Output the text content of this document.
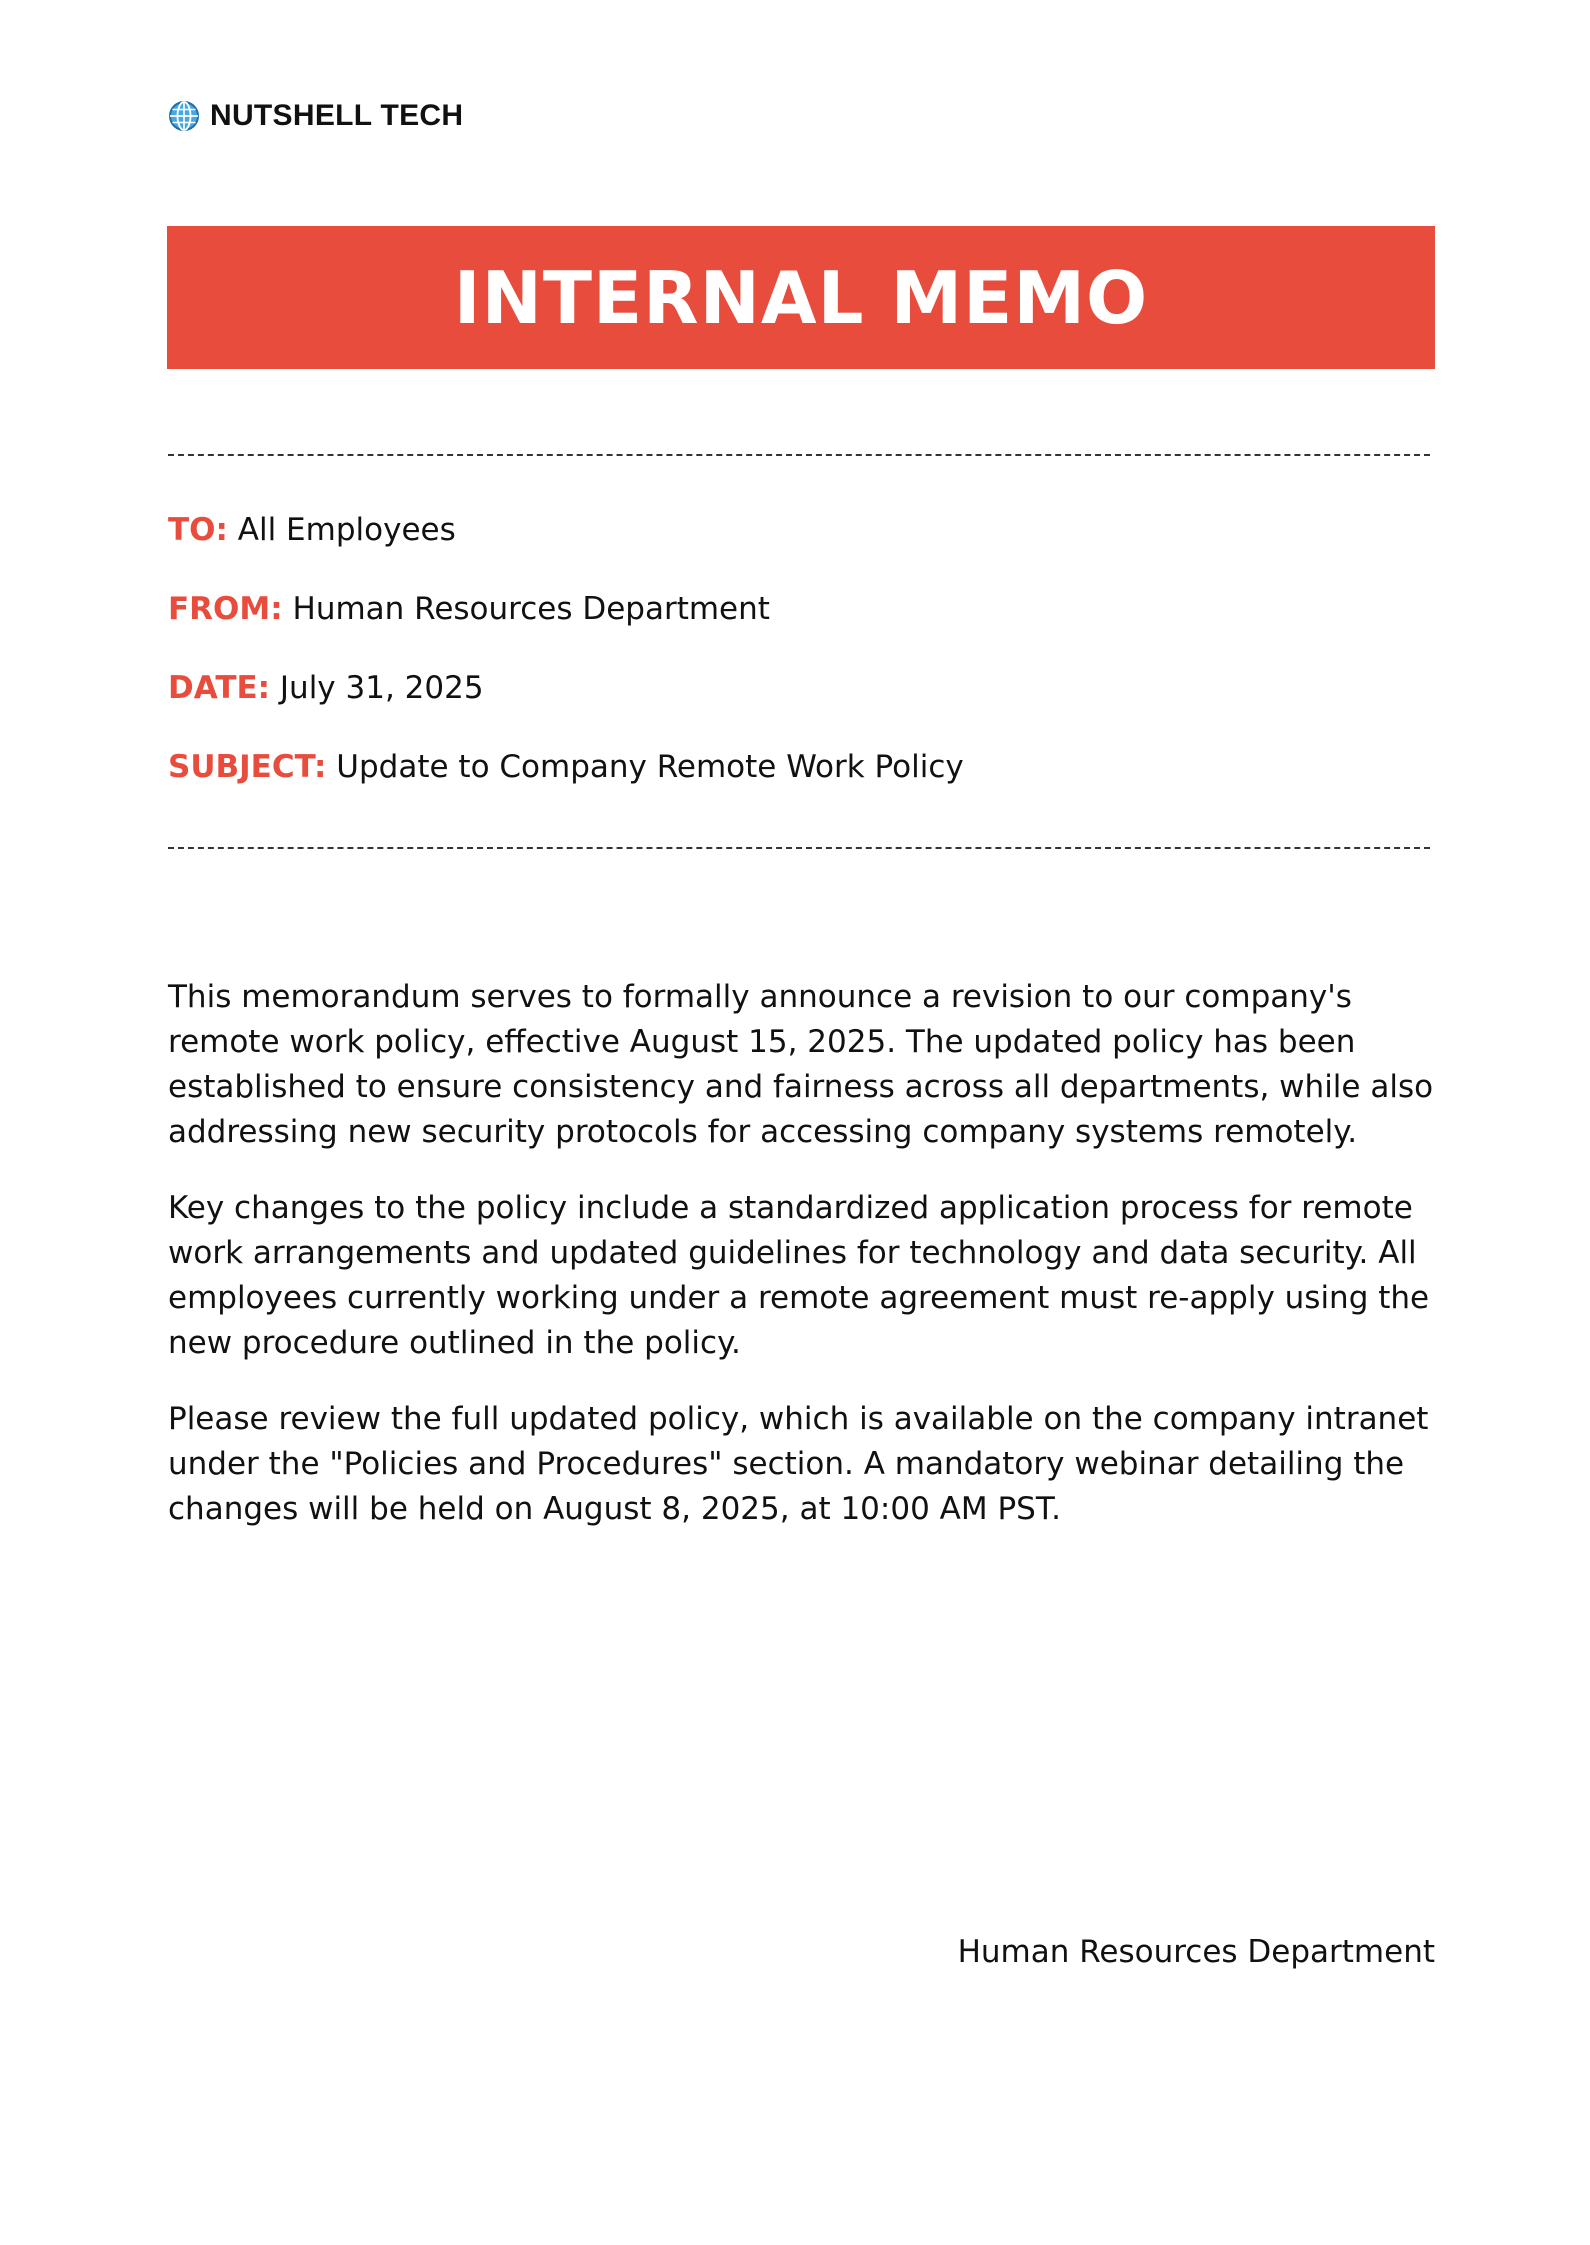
NUTSHELL TECH
INTERNAL MEMO
TO: All Employees
FROM: Human Resources Department
DATE: July 31, 2025
SUBJECT: Update to Company Remote Work Policy

This memorandum serves to formally announce a revision to our company's remote work policy, effective August 15, 2025. The updated policy has been established to ensure consistency and fairness across all departments, while also addressing new security protocols for accessing company systems remotely.

Key changes to the policy include a standardized application process for remote work arrangements and updated guidelines for technology and data security. All employees currently working under a remote agreement must re-apply using the new procedure outlined in the policy.

Please review the full updated policy, which is available on the company intranet under the "Policies and Procedures" section. A mandatory webinar detailing the changes will be held on August 8, 2025, at 10:00 AM PST.

Human Resources Department
